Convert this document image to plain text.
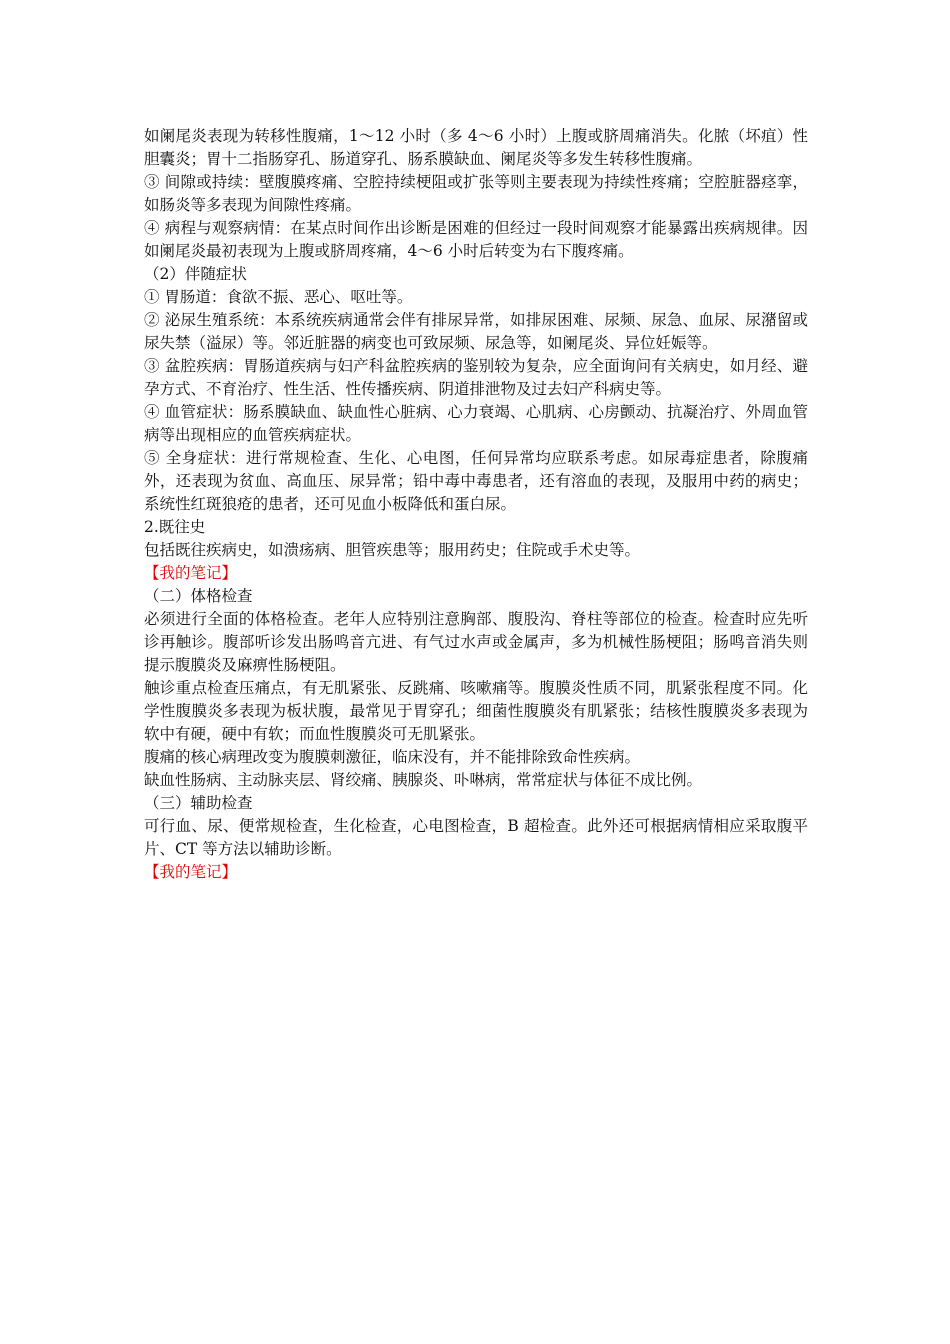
如阑尾炎表现为转移性腹痛，1～12 小时（多 4～6 小时）上腹或脐周痛消失。化脓（坏疽）性胆囊炎；胃十二指肠穿孔、肠道穿孔、肠系膜缺血、阑尾炎等多发生转移性腹痛。

③ 间隙或持续：壁腹膜疼痛、空腔持续梗阻或扩张等则主要表现为持续性疼痛；空腔脏器痉挛，如肠炎等多表现为间隙性疼痛。

④ 病程与观察病情：在某点时间作出诊断是困难的但经过一段时间观察才能暴露出疾病规律。因如阑尾炎最初表现为上腹或脐周疼痛，4～6 小时后转变为右下腹疼痛。

（2）伴随症状

① 胃肠道：食欲不振、恶心、呕吐等。

② 泌尿生殖系统：本系统疾病通常会伴有排尿异常，如排尿困难、尿频、尿急、血尿、尿潴留或尿失禁（溢尿）等。邻近脏器的病变也可致尿频、尿急等，如阑尾炎、异位妊娠等。

③ 盆腔疾病：胃肠道疾病与妇产科盆腔疾病的鉴别较为复杂，应全面询问有关病史，如月经、避孕方式、不育治疗、性生活、性传播疾病、阴道排泄物及过去妇产科病史等。

④ 血管症状：肠系膜缺血、缺血性心脏病、心力衰竭、心肌病、心房颤动、抗凝治疗、外周血管病等出现相应的血管疾病症状。

⑤ 全身症状：进行常规检查、生化、心电图，任何异常均应联系考虑。如尿毒症患者，除腹痛外，还表现为贫血、高血压、尿异常；铅中毒中毒患者，还有溶血的表现，及服用中药的病史；系统性红斑狼疮的患者，还可见血小板降低和蛋白尿。

2.既往史

包括既往疾病史，如溃疡病、胆管疾患等；服用药史；住院或手术史等。

【我的笔记】

（二）体格检查

必须进行全面的体格检查。老年人应特别注意胸部、腹股沟、脊柱等部位的检查。检查时应先听诊再触诊。腹部听诊发出肠鸣音亢进、有气过水声或金属声，多为机械性肠梗阻；肠鸣音消失则提示腹膜炎及麻痹性肠梗阻。

触诊重点检查压痛点，有无肌紧张、反跳痛、咳嗽痛等。腹膜炎性质不同，肌紧张程度不同。化学性腹膜炎多表现为板状腹，最常见于胃穿孔；细菌性腹膜炎有肌紧张；结核性腹膜炎多表现为软中有硬，硬中有软；而血性腹膜炎可无肌紧张。

腹痛的核心病理改变为腹膜刺激征，临床没有，并不能排除致命性疾病。

缺血性肠病、主动脉夹层、肾绞痛、胰腺炎、卟啉病，常常症状与体征不成比例。

（三）辅助检查

可行血、尿、便常规检查，生化检查，心电图检查，B 超检查。此外还可根据病情相应采取腹平片、CT 等方法以辅助诊断。

【我的笔记】
